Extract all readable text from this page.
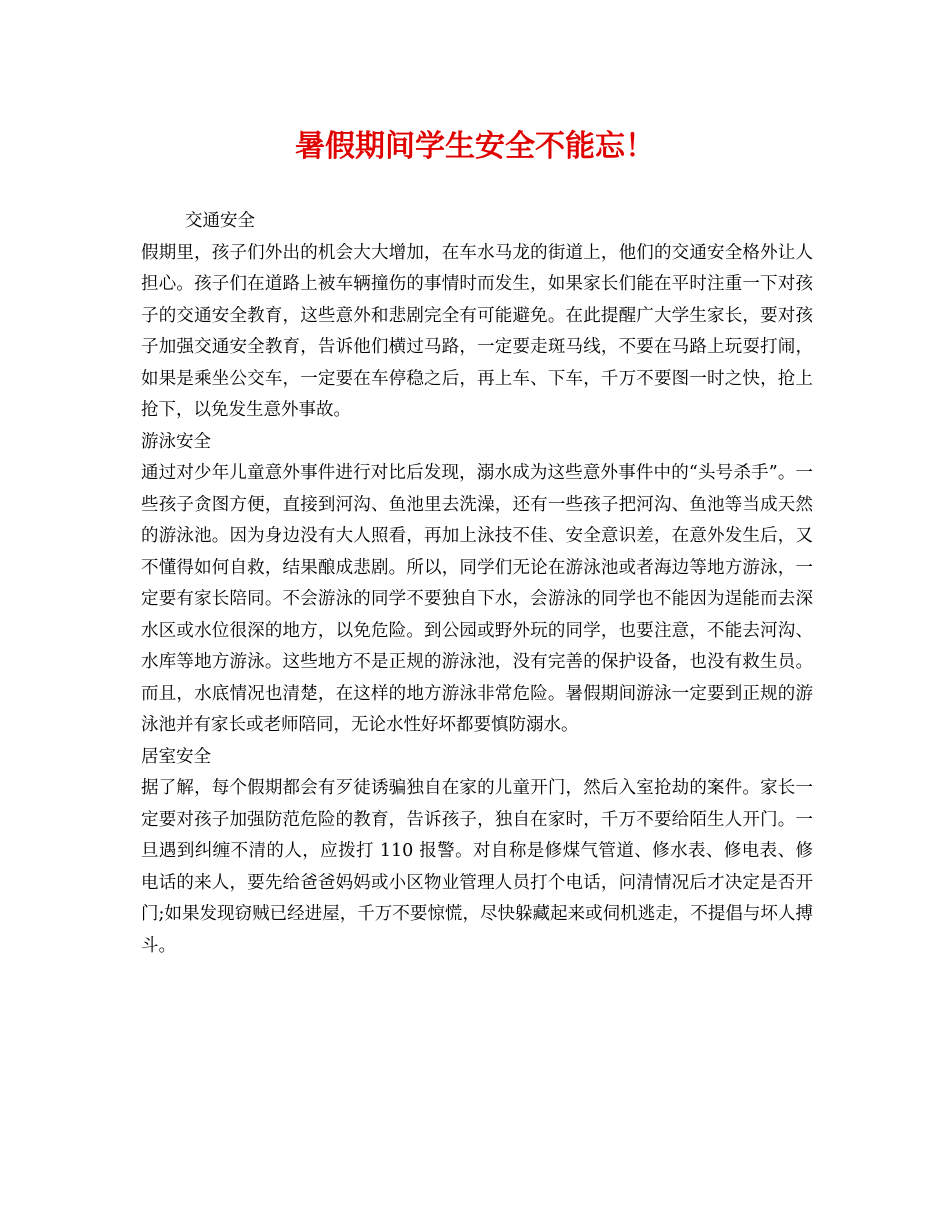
暑假期间学生安全不能忘！

交通安全

假期里，孩子们外出的机会大大增加，在车水马龙的街道上，他们的交通安全格外让人担心。孩子们在道路上被车辆撞伤的事情时而发生，如果家长们能在平时注重一下对孩子的交通安全教育，这些意外和悲剧完全有可能避免。在此提醒广大学生家长，要对孩子加强交通安全教育，告诉他们横过马路，一定要走斑马线，不要在马路上玩耍打闹，如果是乘坐公交车，一定要在车停稳之后，再上车、下车，千万不要图一时之快，抢上抢下，以免发生意外事故。

游泳安全

通过对少年儿童意外事件进行对比后发现，溺水成为这些意外事件中的“头号杀手”。一些孩子贪图方便，直接到河沟、鱼池里去洗澡，还有一些孩子把河沟、鱼池等当成天然的游泳池。因为身边没有大人照看，再加上泳技不佳、安全意识差，在意外发生后，又不懂得如何自救，结果酿成悲剧。所以，同学们无论在游泳池或者海边等地方游泳，一定要有家长陪同。不会游泳的同学不要独自下水，会游泳的同学也不能因为逞能而去深水区或水位很深的地方，以免危险。到公园或野外玩的同学，也要注意，不能去河沟、水库等地方游泳。这些地方不是正规的游泳池，没有完善的保护设备，也没有救生员。而且，水底情况也清楚，在这样的地方游泳非常危险。暑假期间游泳一定要到正规的游泳池并有家长或老师陪同，无论水性好坏都要慎防溺水。

居室安全

据了解，每个假期都会有歹徒诱骗独自在家的儿童开门，然后入室抢劫的案件。家长一定要对孩子加强防范危险的教育，告诉孩子，独自在家时，千万不要给陌生人开门。一旦遇到纠缠不清的人，应拨打 110 报警。对自称是修煤气管道、修水表、修电表、修电话的来人，要先给爸爸妈妈或小区物业管理人员打个电话，问清情况后才决定是否开门;如果发现窃贼已经进屋，千万不要惊慌，尽快躲藏起来或伺机逃走，不提倡与坏人搏斗。
